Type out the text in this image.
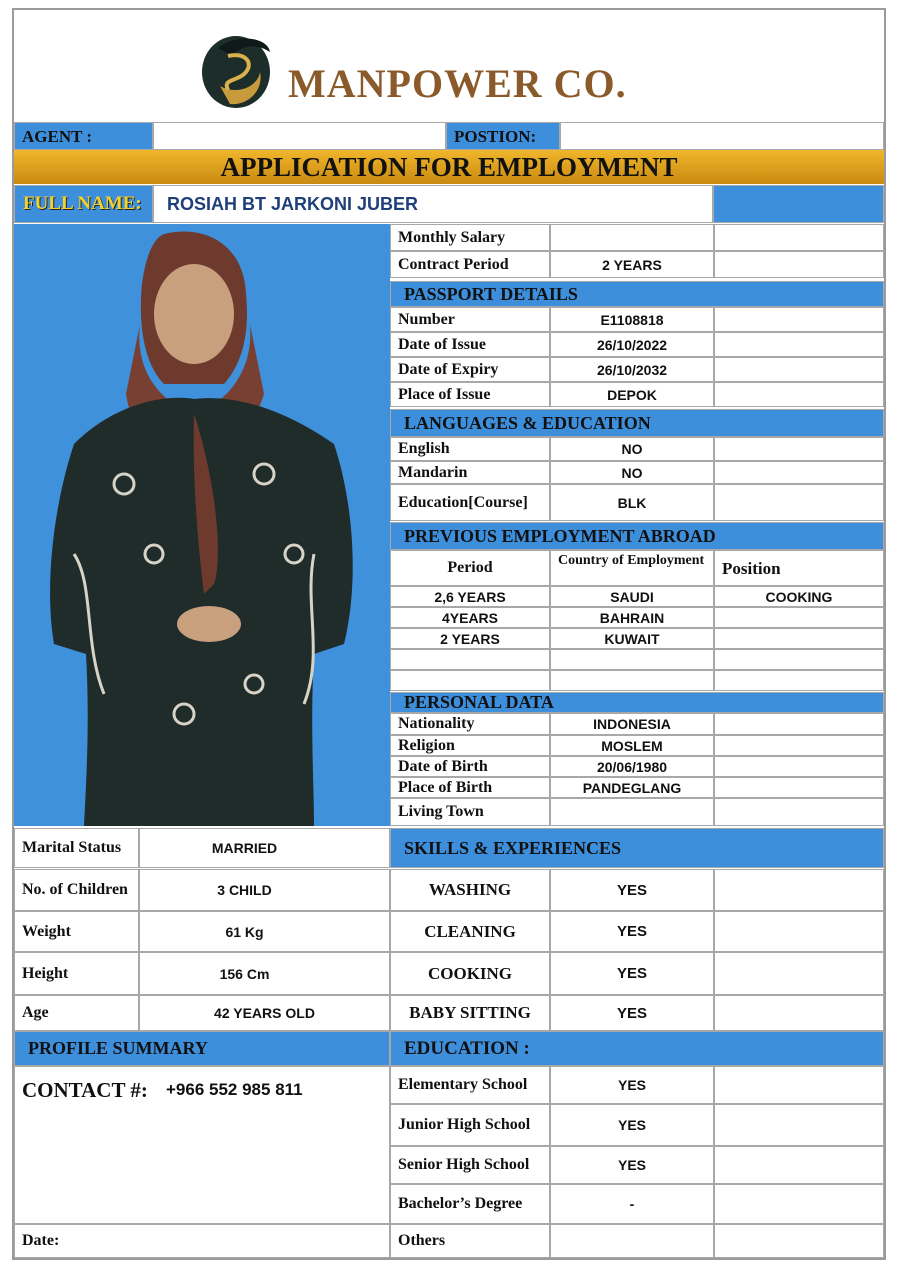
MANPOWER CO.
AGENT :	POSTION:
APPLICATION FOR EMPLOYMENT
FULL NAME:	ROSIAH BT JARKONI JUBER
Monthly Salary
Contract Period	2 YEARS
PASSPORT DETAILS
Number	E1108818
Date of Issue	26/10/2022
Date of Expiry	26/10/2032
Place of Issue	DEPOK
LANGUAGES & EDUCATION
English	NO
Mandarin	NO
Education[Course]	BLK
PREVIOUS EMPLOYMENT ABROAD
Period	Country of Employment	Position
2,6 YEARS	SAUDI	COOKING
4YEARS	BAHRAIN
2 YEARS	KUWAIT
PERSONAL DATA
Nationality	INDONESIA
Religion	MOSLEM
Date of Birth	20/06/1980
Place of Birth	PANDEGLANG
Living Town
Marital Status	MARRIED
No. of Children	3 CHILD
Weight	61 Kg
Height	156 Cm
Age	42 YEARS OLD
SKILLS & EXPERIENCES
WASHING	YES
CLEANING	YES
COOKING	YES
BABY SITTING	YES
PROFILE SUMMARY
CONTACT #: +966 552 985 811
Date:
EDUCATION :
Elementary School	YES
Junior High School	YES
Senior High School	YES
Bachelor’s Degree	-
Others
